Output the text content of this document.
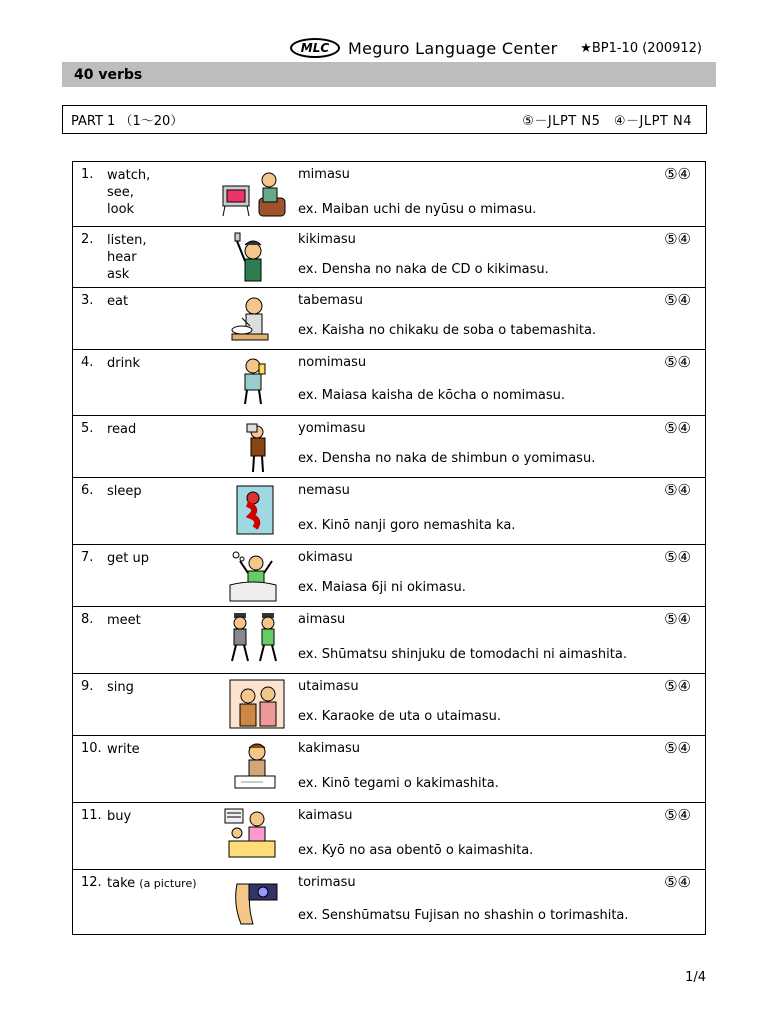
MLC	Meguro Language Center ★BP1-10 (200912)
40 verbs
PART 1 （1〜20）	⑤－JLPT N5　④－JLPT N4
1. watch,
see,
look
mimasu	⑤④
ex. Maiban uchi de nyūsu o mimasu.
2. listen,
hear
ask
kikimasu	⑤④
ex. Densha no naka de CD o kikimasu.
3. eat	tabemasu	⑤④
ex. Kaisha no chikaku de soba o tabemashita.
4. drink	nomimasu	⑤④
ex. Maiasa kaisha de kōcha o nomimasu.
5. read	yomimasu	⑤④
ex. Densha no naka de shimbun o yomimasu.
6. sleep	nemasu	⑤④
ex. Kinō nanji goro nemashita ka.
7. get up	okimasu	⑤④
ex. Maiasa 6ji ni okimasu.
8. meet	aimasu	⑤④
ex. Shūmatsu shinjuku de tomodachi ni aimashita.
9. sing	utaimasu	⑤④
ex. Karaoke de uta o utaimasu.
10. write	kakimasu	⑤④
ex. Kinō tegami o kakimashita.
11. buy	kaimasu	⑤④
ex. Kyō no asa obentō o kaimashita.
12. take (a picture)	torimasu	⑤④
ex. Senshūmatsu Fujisan no shashin o torimashita.
1/4
